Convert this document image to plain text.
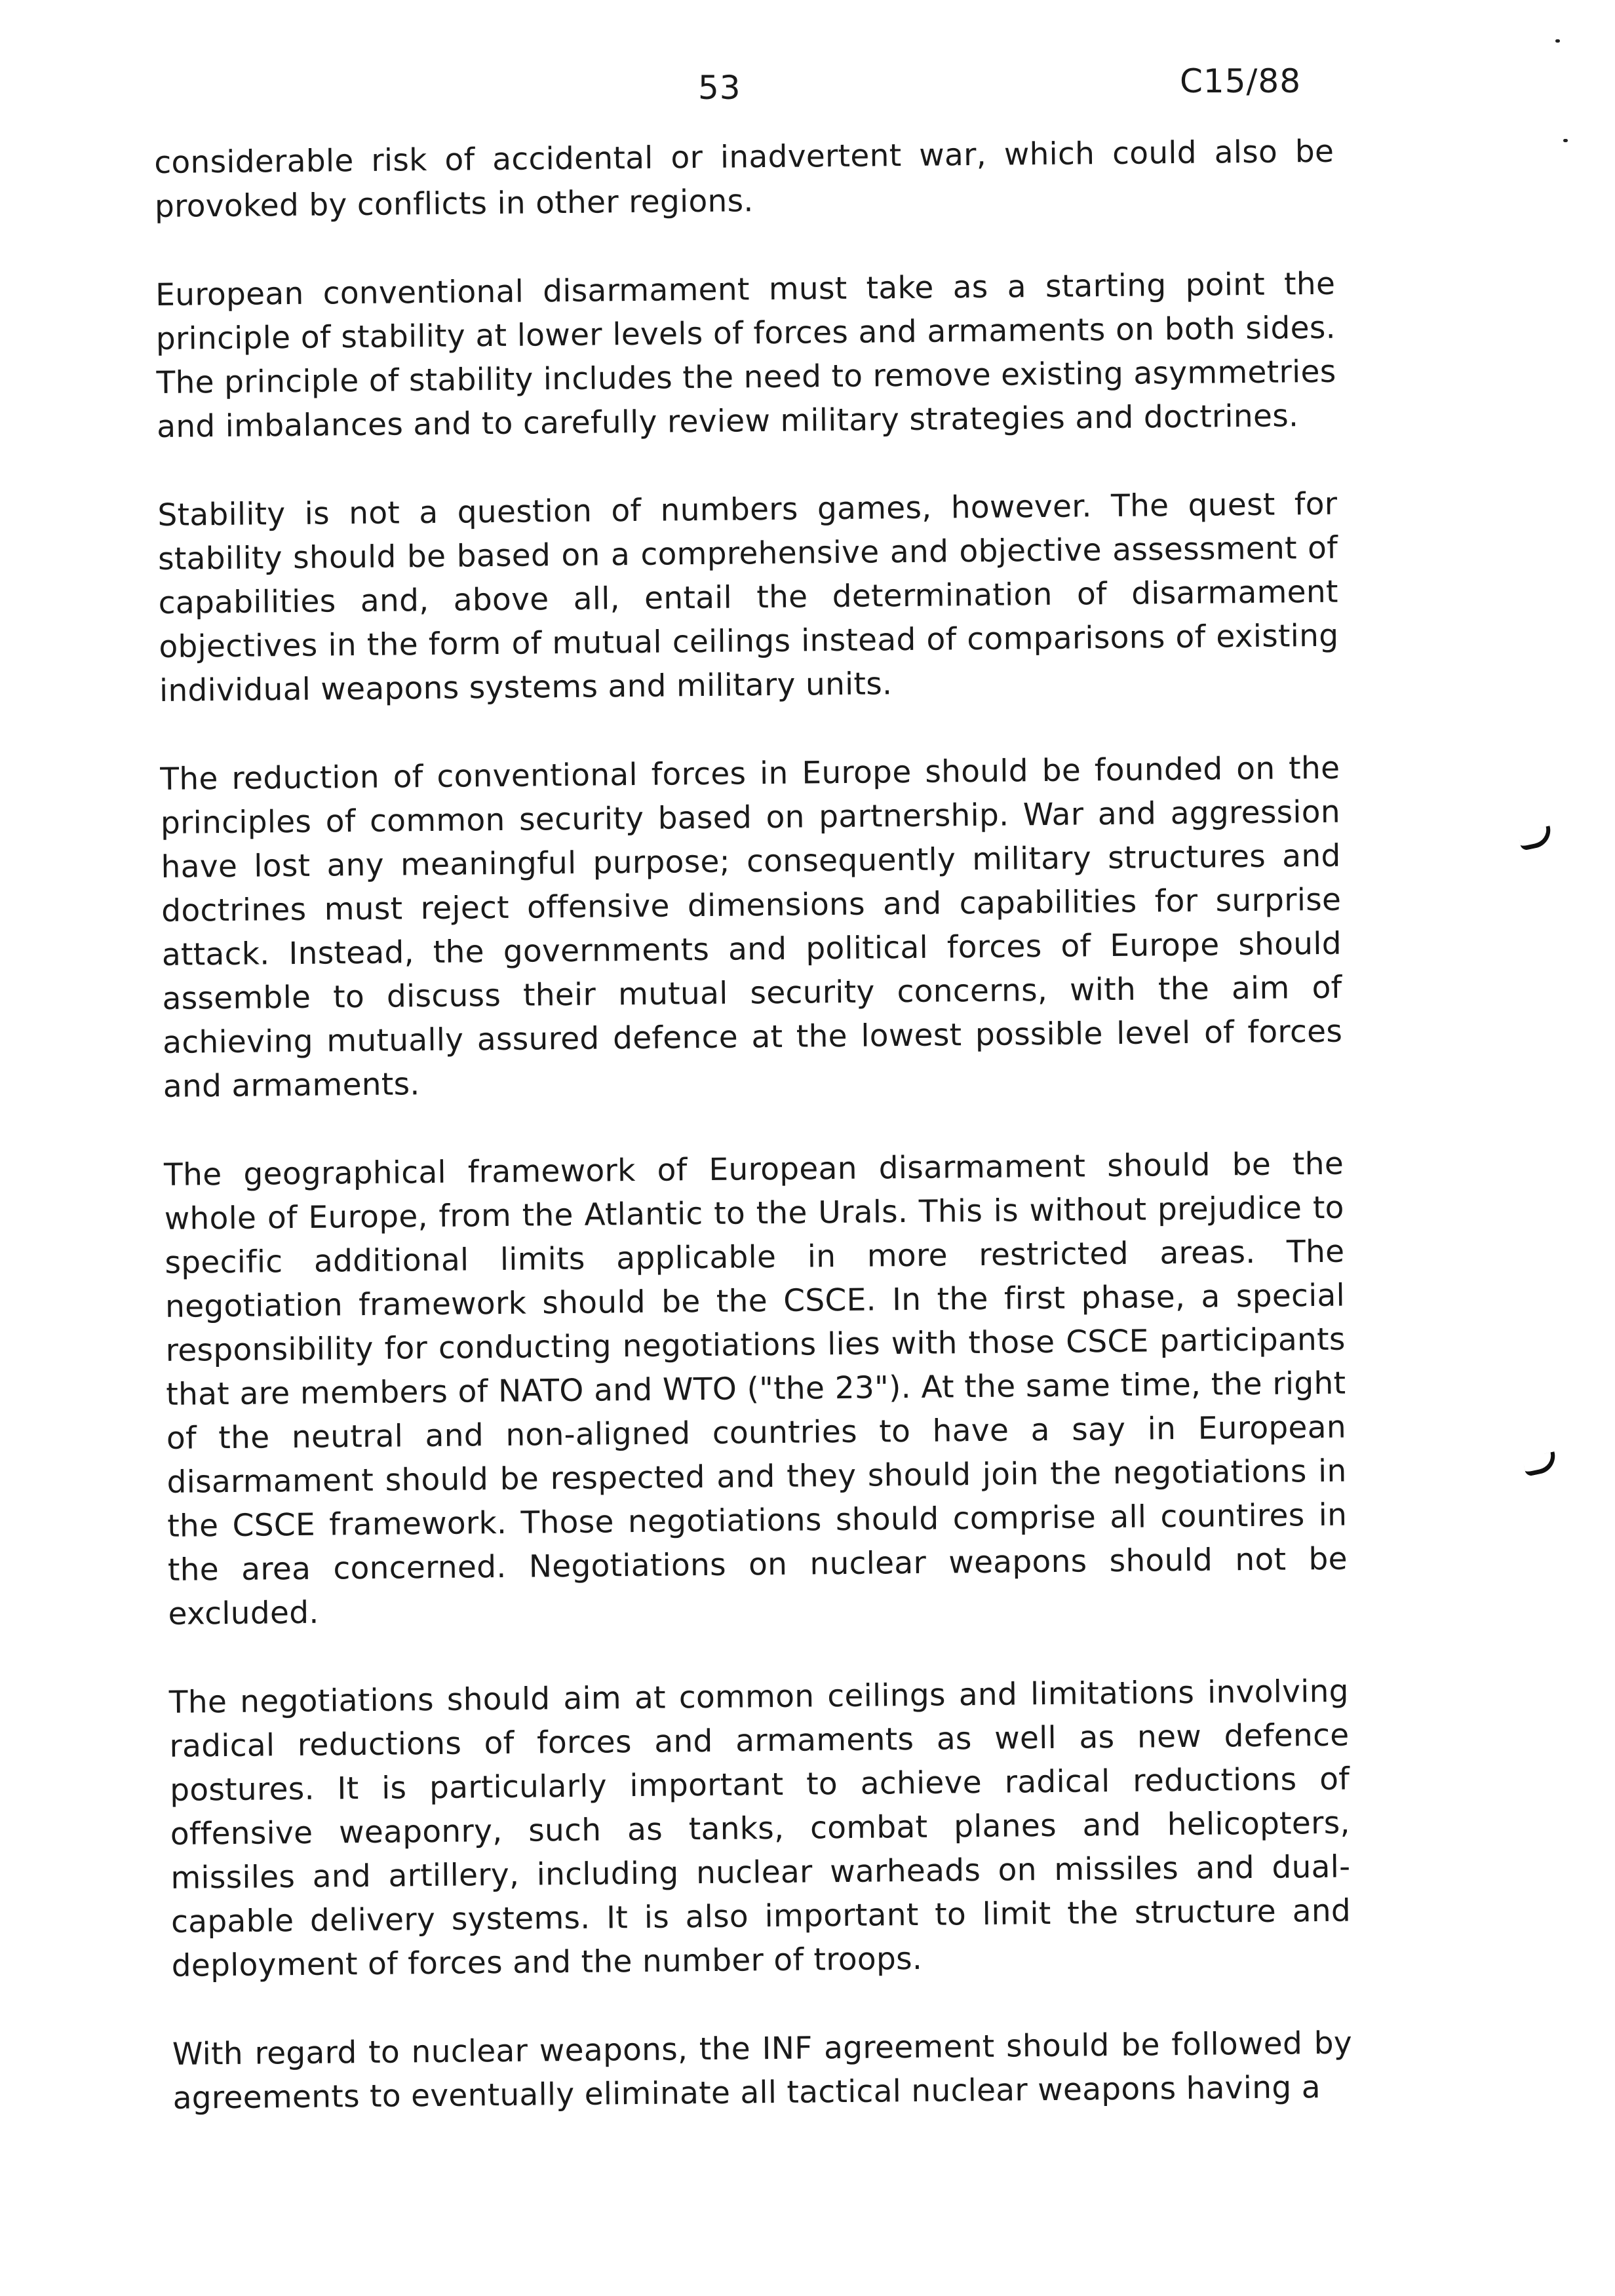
53	C15/88

considerable risk of accidental or inadvertent war, which could also be provoked by conflicts in other regions.

European conventional disarmament must take as a starting point the principle of stability at lower levels of forces and armaments on both sides. The principle of stability includes the need to remove existing asymmetries and imbalances and to carefully review military strategies and doctrines.

Stability is not a question of numbers games, however. The quest for stability should be based on a comprehensive and objective assessment of capabilities and, above all, entail the determination of disarmament objectives in the form of mutual ceilings instead of comparisons of existing individual weapons systems and military units.

The reduction of conventional forces in Europe should be founded on the principles of common security based on partnership. War and aggression have lost any meaningful purpose; consequently military structures and doctrines must reject offensive dimensions and capabilities for surprise attack. Instead, the governments and political forces of Europe should assemble to discuss their mutual security concerns, with the aim of achieving mutually assured defence at the lowest possible level of forces and armaments.

The geographical framework of European disarmament should be the whole of Europe, from the Atlantic to the Urals. This is without prejudice to specific additional limits applicable in more restricted areas. The negotiation framework should be the CSCE. In the first phase, a special responsibility for conducting negotiations lies with those CSCE participants that are members of NATO and WTO ("the 23"). At the same time, the right of the neutral and non-aligned countries to have a say in European disarmament should be respected and they should join the negotiations in the CSCE framework. Those negotiations should comprise all countires in the area concerned. Negotiations on nuclear weapons should not be excluded.

The negotiations should aim at common ceilings and limitations involving radical reductions of forces and armaments as well as new defence postures. It is particularly important to achieve radical reductions of offensive weaponry, such as tanks, combat planes and helicopters, missiles and artillery, including nuclear warheads on missiles and dual-capable delivery systems. It is also important to limit the structure and deployment of forces and the number of troops.

With regard to nuclear weapons, the INF agreement should be followed by agreements to eventually eliminate all tactical nuclear weapons having a
